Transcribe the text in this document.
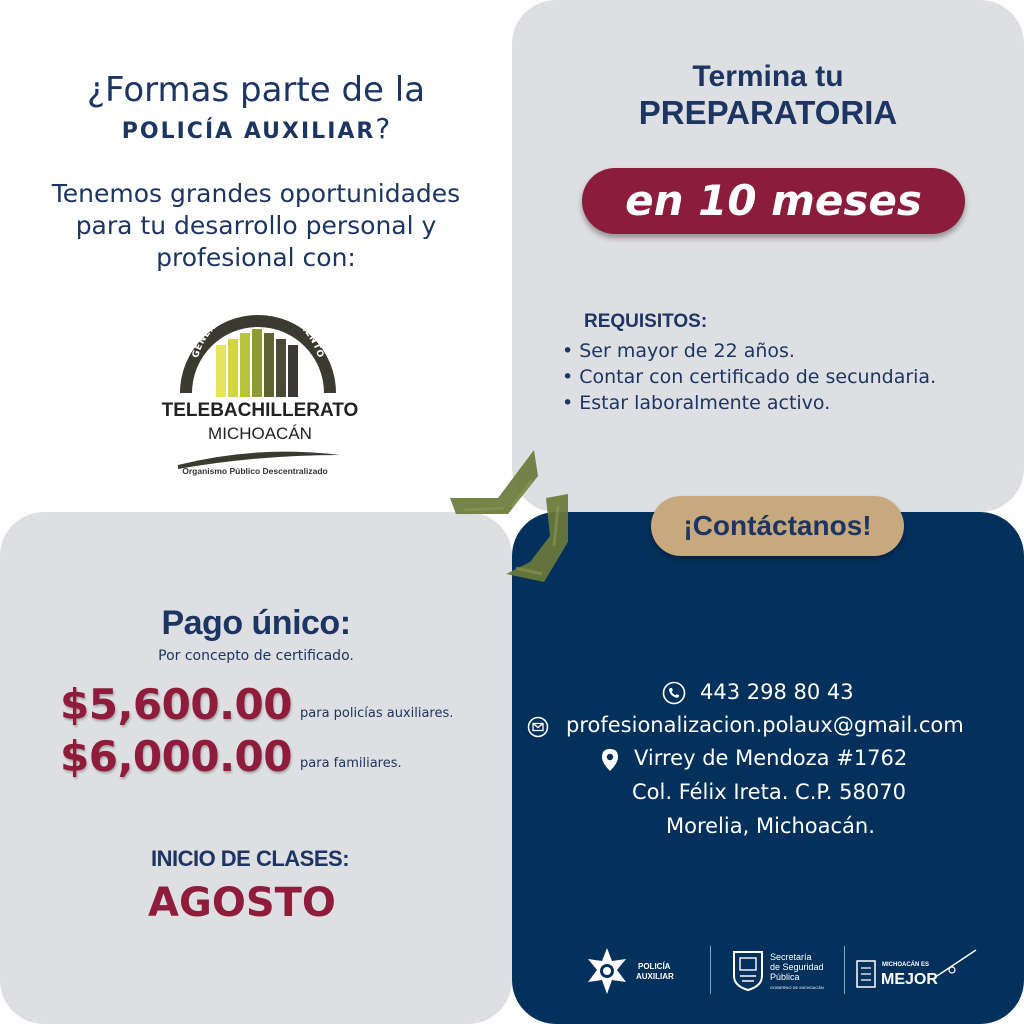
¿Formas parte de la
POLICÍA AUXILIAR?
Tenemos grandes oportunidades
para tu desarrollo personal y
profesional con:
GENERACIÓN EN MOVIMIENTO
TELEBACHILLERATO
MICHOACÁN
Organismo Público Descentralizado
Termina tu
PREPARATORIA
en 10 meses
REQUISITOS:
• Ser mayor de 22 años.
• Contar con certificado de secundaria.
• Estar laboralmente activo.
Pago único:
Por concepto de certificado.
$5,600.00 para policías auxiliares.
$6,000.00 para familiares.
INICIO DE CLASES:
AGOSTO
¡Contáctanos!
443 298 80 43
profesionalizacion.polaux@gmail.com
Virrey de Mendoza #1762
Col. Félix Ireta. C.P. 58070
Morelia, Michoacán.
POLICÍA
AUXILIAR
Secretaría
de Seguridad
Pública
GOBIERNO DE MICHOACÁN
MICHOACÁN ES
MEJOR
